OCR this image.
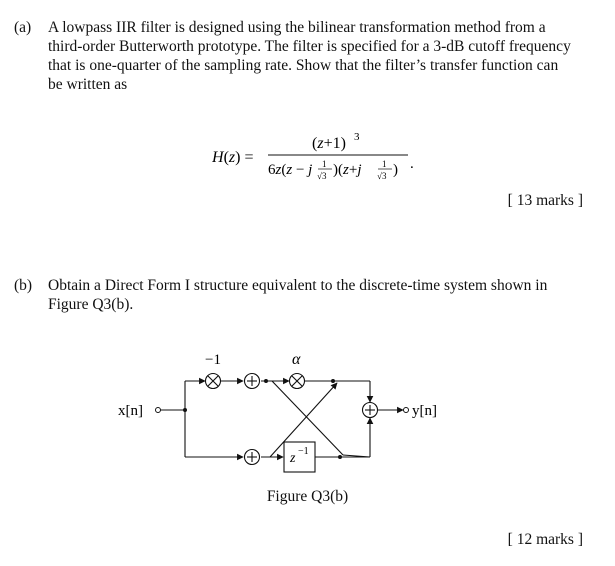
(a) A lowpass IIR filter is designed using the bilinear transformation method from a
third-order Butterworth prototype. The filter is specified for a 3-dB cutoff frequency
that is one-quarter of the sampling rate. Show that the filter’s transfer function can
be written as
H(z) =
(z+1) 3
6z(z − j 1
√3 )(z+j 1
√3 ) .
[ 13 marks ]
(b) Obtain a Direct Form I structure equivalent to the discrete-time system shown in
Figure Q3(b).
z −1
−1	α
x[n]	y[n]
Figure Q3(b)
[ 12 marks ]
